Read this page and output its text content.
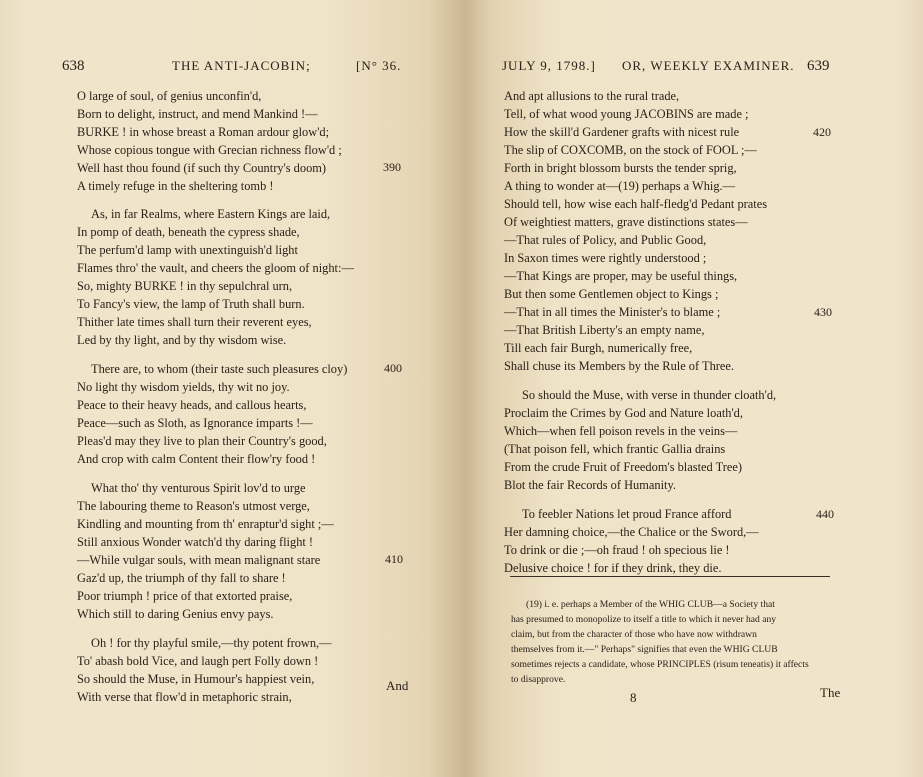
638	THE ANTI-JACOBIN;	[N° 36.
O large of soul, of genius unconfin'd,
Born to delight, instruct, and mend Mankind !—
BURKE ! in whose breast a Roman ardour glow'd;
Whose copious tongue with Grecian richness flow'd ;
Well hast thou found (if such thy Country's doom)
A timely refuge in the sheltering tomb !
390
As, in far Realms, where Eastern Kings are laid,
In pomp of death, beneath the cypress shade,
The perfum'd lamp with unextinguish'd light
Flames thro' the vault, and cheers the gloom of night:—
So, mighty BURKE ! in thy sepulchral urn,
To Fancy's view, the lamp of Truth shall burn.
Thither late times shall turn their reverent eyes,
Led by thy light, and by thy wisdom wise.
There are, to whom (their taste such pleasures cloy)	400
No light thy wisdom yields, thy wit no joy.
Peace to their heavy heads, and callous hearts,
Peace—such as Sloth, as Ignorance imparts !—
Pleas'd may they live to plan their Country's good,
And crop with calm Content their flow'ry food !
What tho' thy venturous Spirit lov'd to urge
The labouring theme to Reason's utmost verge,
Kindling and mounting from th' enraptur'd sight ;—
Still anxious Wonder watch'd thy daring flight !
—While vulgar souls, with mean malignant stare	410
Gaz'd up, the triumph of thy fall to share !
Poor triumph ! price of that extorted praise,
Which still to daring Genius envy pays.
Oh ! for thy playful smile,—thy potent frown,—
To' abash bold Vice, and laugh pert Folly down !
So should the Muse, in Humour's happiest vein,
With verse that flow'd in metaphoric strain,
And
JULY 9, 1798.] OR, WEEKLY EXAMINER. 639
And apt allusions to the rural trade,
Tell, of what wood young JACOBINS are made ;
How the skill'd Gardener grafts with nicest rule	420
The slip of COXCOMB, on the stock of FOOL ;—
Forth in bright blossom bursts the tender sprig,
A thing to wonder at—(19) perhaps a Whig.—
Should tell, how wise each half-fledg'd Pedant prates
Of weightiest matters, grave distinctions states—
—That rules of Policy, and Public Good,
In Saxon times were rightly understood ;
—That Kings are proper, may be useful things,
But then some Gentlemen object to Kings ;
—That in all times the Minister's to blame ;	430
—That British Liberty's an empty name,
Till each fair Burgh, numerically free,
Shall chuse its Members by the Rule of Three.
So should the Muse, with verse in thunder cloath'd,
Proclaim the Crimes by God and Nature loath'd,
Which—when fell poison revels in the veins—
(That poison fell, which frantic Gallia drains
From the crude Fruit of Freedom's blasted Tree)
Blot the fair Records of Humanity.
To feebler Nations let proud France afford	440
Her damning choice,—the Chalice or the Sword,—
To drink or die ;—oh fraud ! oh specious lie !
Delusive choice ! for if they drink, they die.
(19) i. e. perhaps a Member of the WHIG CLUB—a Society that
has presumed to monopolize to itself a title to which it never had any
claim, but from the character of those who have now withdrawn
themselves from it.—" Perhaps" signifies that even the WHIG CLUB
sometimes rejects a candidate, whose PRINCIPLES (risum teneatis) it affects
to disapprove.
8	The
